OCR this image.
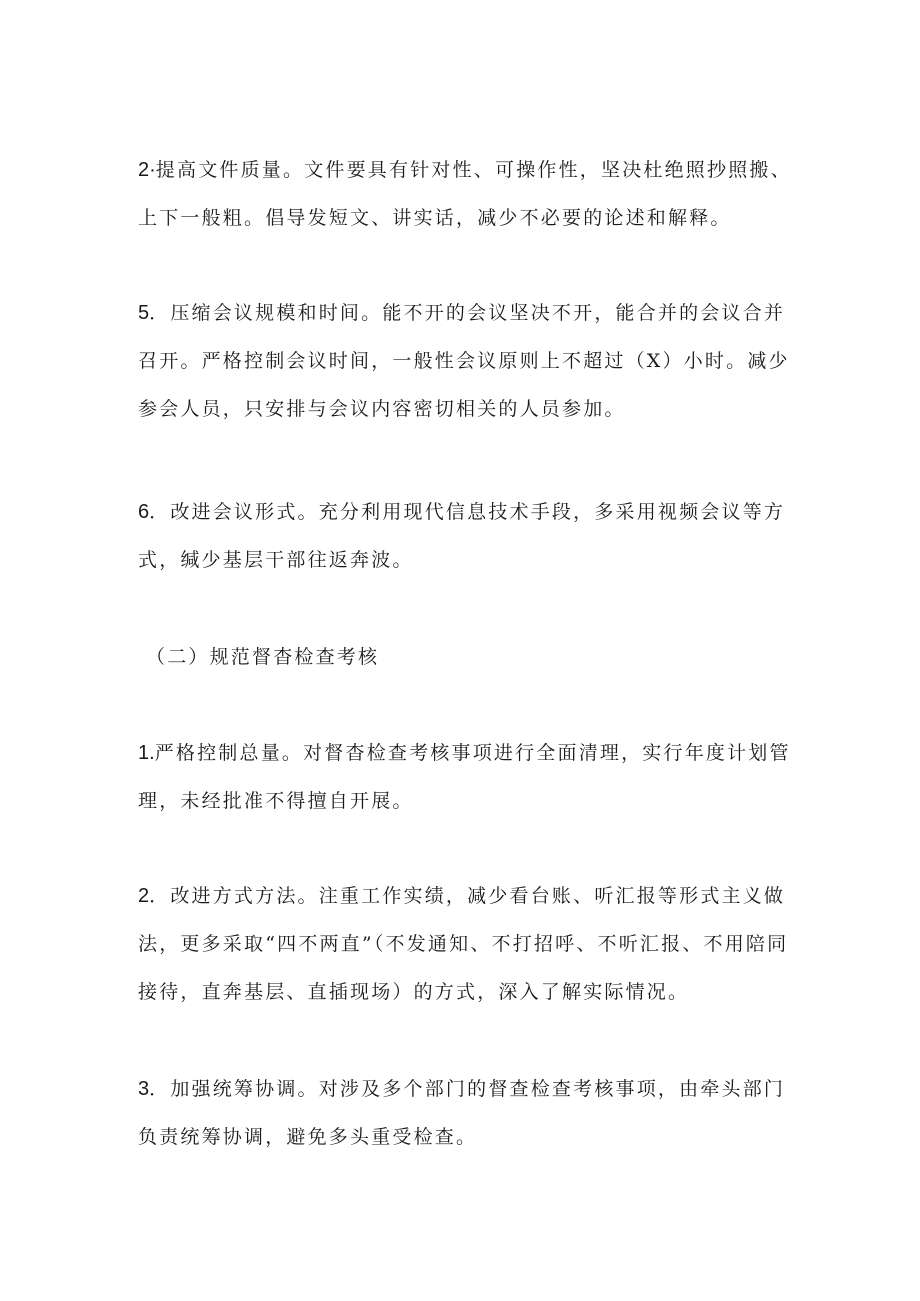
2·提高文件质量。文件要具有针对性、可操作性，坚决杜绝照抄照搬、上下一般粗。倡导发短文、讲实话，减少不必要的论述和解释。

5．压缩会议规模和时间。能不开的会议坚决不开，能合并的会议合并召开。严格控制会议时间，一般性会议原则上不超过（X）小时。减少参会人员，只安排与会议内容密切相关的人员参加。

6．改进会议形式。充分利用现代信息技术手段，多采用视频会议等方式，缄少基层干部往返奔波。

（二）规范督杳检查考核

1.严格控制总量。对督杳检查考核事项进行全面清理，实行年度计划管理，未经批准不得擅自开展。

2．改进方式方法。注重工作实绩，减少看台账、听汇报等形式主义做法，更多采取“四不两直”（不发通知、不打招呼、不听汇报、不用陪同接待，直奔基层、直插现场）的方式，深入了解实际情况。

3．加强统筹协调。对涉及多个部门的督查检查考核事项，由牵头部门负责统筹协调，避免多头重受检查。
